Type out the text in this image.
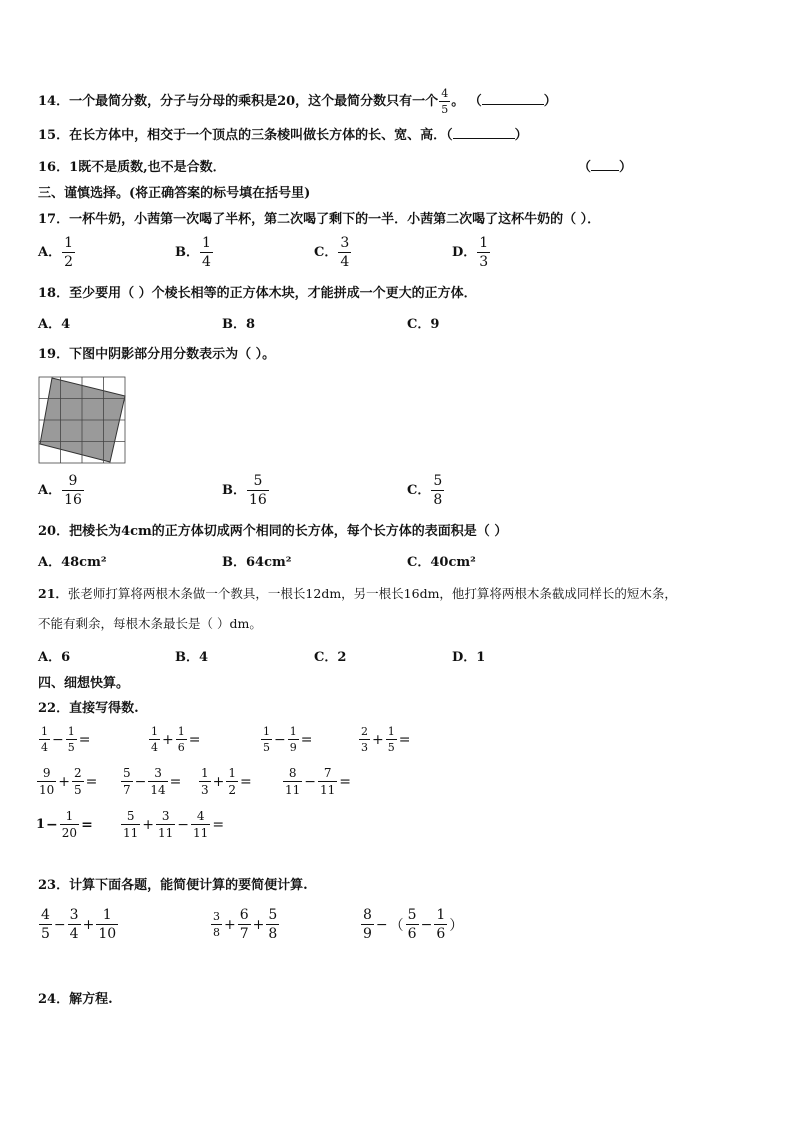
14．一个最简分数，分子与分母的乘积是20，这个最简分数只有一个 $\frac{4}{5}$ 。 （	）
15．在长方体中，相交于一个顶点的三条棱叫做长方体的长、宽、高．（	）
16．1既不是质数,也不是合数．	（ ）
三、谨慎选择。(将正确答案的标号填在括号里)
17．一杯牛奶，小茜第一次喝了半杯，第二次喝了剩下的一半．小茜第二次喝了这杯牛奶的（ ）．
A． $\frac{1}{2}$	B． $\frac{1}{4}$	C． $\frac{3}{4}$	D． $\frac{1}{3}$
18．至少要用（ ）个棱长相等的正方体木块，才能拼成一个更大的正方体．
A．4	B．8	C．9
19．下图中阴影部分用分数表示为（ ）。
A． $\frac{9}{16}$	B． $\frac{5}{16}$	C． $\frac{5}{8}$
20．把棱长为4cm的正方体切成两个相同的长方体，每个长方体的表面积是（ ）
A．48cm²	B．64cm²	C．40cm²
21．张老师打算将两根木条做一个教具，一根长12dm，另一根长16dm，他打算将两根木条截成同样长的短木条，
不能有剩余，每根木条最长是（ ）dm。
A．6	B．4	C．2	D．1
四、细想快算。
22．直接写得数.
$\frac{1}{4} - \frac{1}{5}$ =	$\frac{1}{4} + \frac{1}{6}$ =	$\frac{1}{5} - \frac{1}{9}$ =	$\frac{2}{3} + \frac{1}{5}$ =
$\frac{9}{10} + \frac{2}{5} = \frac{5}{7} - \frac{3}{14} = \frac{1}{3} + \frac{1}{2}$ =	$\frac{8}{11} - \frac{7}{11}$ =
$1 - \frac{1}{20} = \frac{5}{11} + \frac{3}{11} - \frac{4}{11}$ =
23．计算下面各题，能简便计算的要简便计算.
$\frac{4}{5} - \frac{3}{4} + \frac{1}{10}$	$\frac{3}{8} + \frac{6}{7} + \frac{5}{8}$	$\frac{8}{9}$ − （ $\frac{5}{6} - \frac{1}{6}$ ）
24．解方程.
